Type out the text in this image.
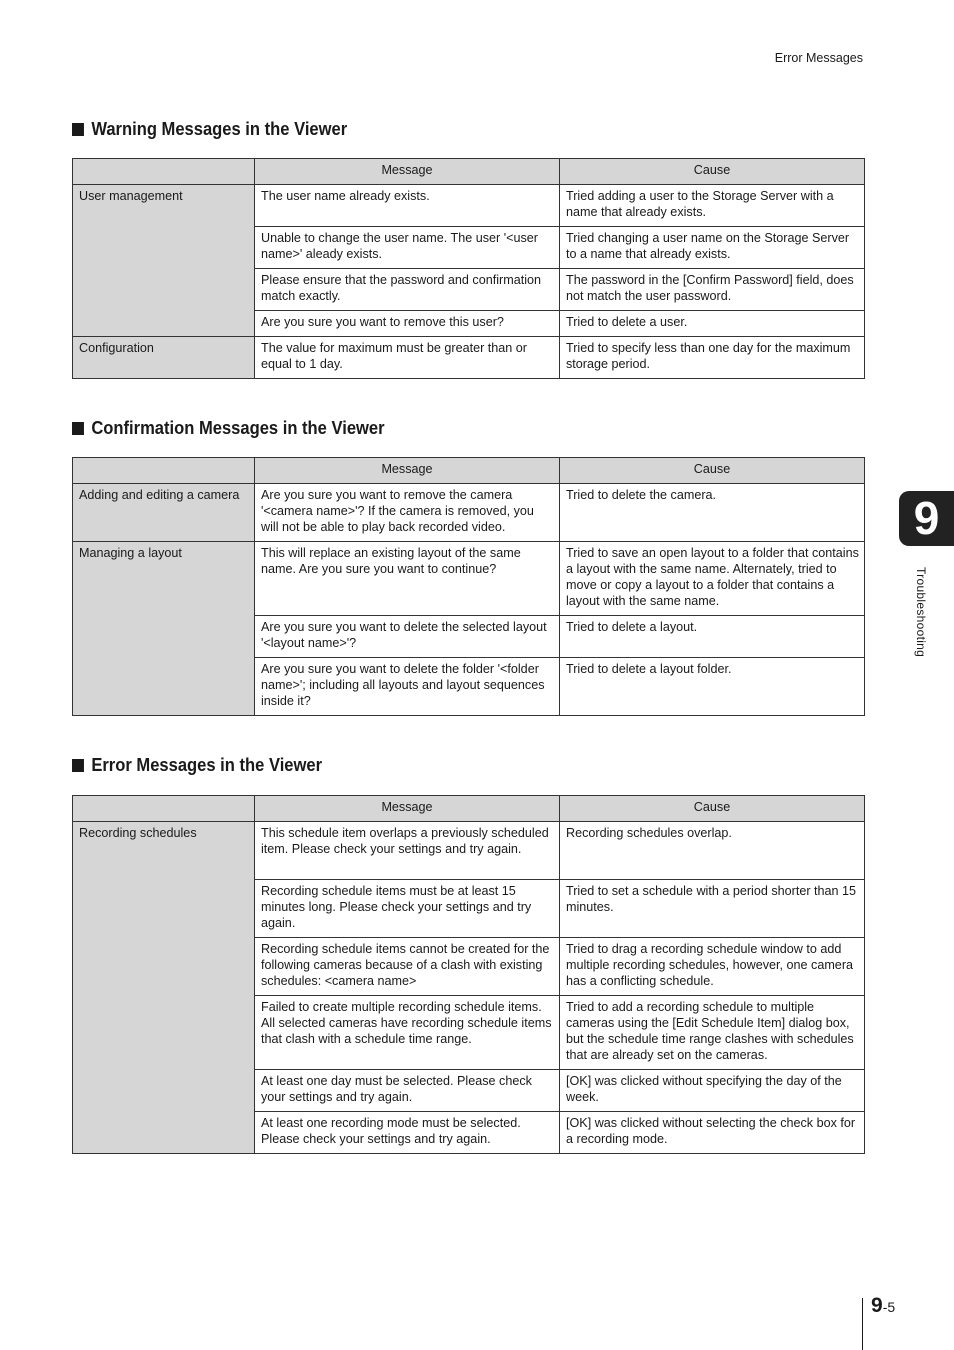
Error Messages
Warning Messages in the Viewer
	Message	Cause
User management	The user name already exists.	Tried adding a user to the Storage Server with a name that already exists.
	Unable to change the user name. The user '<user name>' aleady exists.	Tried changing a user name on the Storage Server to a name that already exists.
	Please ensure that the password and confirmation match exactly.	The password in the [Confirm Password] field, does not match the user password.
	Are you sure you want to remove this user?	Tried to delete a user.
Configuration	The value for maximum must be greater than or equal to 1 day.	Tried to specify less than one day for the maximum storage period.
Confirmation Messages in the Viewer
	Message	Cause
Adding and editing a camera	Are you sure you want to remove the camera '<camera name>'? If the camera is removed, you will not be able to play back recorded video.	Tried to delete the camera.
Managing a layout	This will replace an existing layout of the same name. Are you sure you want to continue?	Tried to save an open layout to a folder that contains a layout with the same name. Alternately, tried to move or copy a layout to a folder that contains a layout with the same name.
	Are you sure you want to delete the selected layout '<layout name>'?	Tried to delete a layout.
	Are you sure you want to delete the folder '<folder name>'; including all layouts and layout sequences inside it?	Tried to delete a layout folder.
Error Messages in the Viewer
	Message	Cause
Recording schedules	This schedule item overlaps a previously scheduled item. Please check your settings and try again.	Recording schedules overlap.
	Recording schedule items must be at least 15 minutes long. Please check your settings and try again.	Tried to set a schedule with a period shorter than 15 minutes.
	Recording schedule items cannot be created for the following cameras because of a clash with existing schedules: <camera name>	Tried to drag a recording schedule window to add multiple recording schedules, however, one camera has a conflicting schedule.
	Failed to create multiple recording schedule items. All selected cameras have recording schedule items that clash with a schedule time range.	Tried to add a recording schedule to multiple cameras using the [Edit Schedule Item] dialog box, but the schedule time range clashes with schedules that are already set on the cameras.
	At least one day must be selected. Please check your settings and try again.	[OK] was clicked without specifying the day of the week.
	At least one recording mode must be selected. Please check your settings and try again.	[OK] was clicked without selecting the check box for a recording mode.
9
Troubleshooting
9-5
